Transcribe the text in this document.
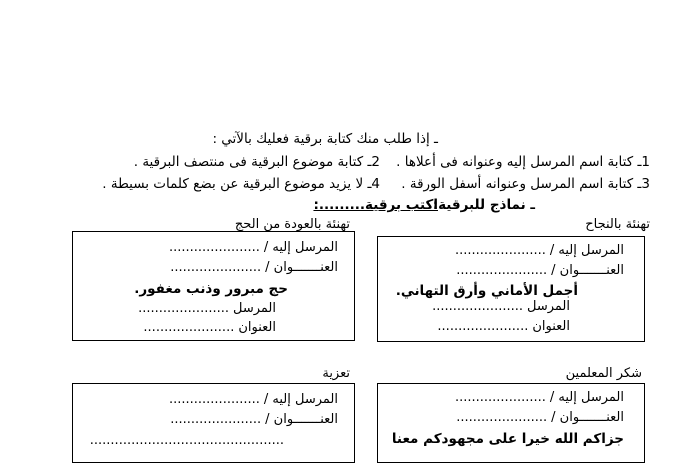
ـ إذا طلب منك كتابة برقية فعليك بالآتي :
1ـ كتابة اسم المرسل إليه وعنوانه فى أعلاها .
2ـ كتابة موضوع البرقية فى منتصف البرقية .
3ـ كتابة اسم المرسل وعنوانه أسفل الورقة .
4ـ لا يزيد موضوع البرقية عن بضع كلمات بسيطة .
ـ نماذج للبرقية:
اكتب برقية.........:
تهنئة بالنجاح
تهنئة بالعودة من الحج
المرسل إليه /......................
العنـــــــوان /......................
أجمل الأماني وأرق التهاني.
المرسل......................
العنوان......................
المرسل إليه /......................
العنـــــــوان /......................
حج مبرور وذنب مغفور.
المرسل......................
العنوان......................
شكر المعلمين
تعزية
المرسل إليه /......................
العنـــــــوان /......................
جزاكم الله خيرا على مجهودكم معنا
المرسل إليه /......................
العنـــــــوان /......................
...............................................
